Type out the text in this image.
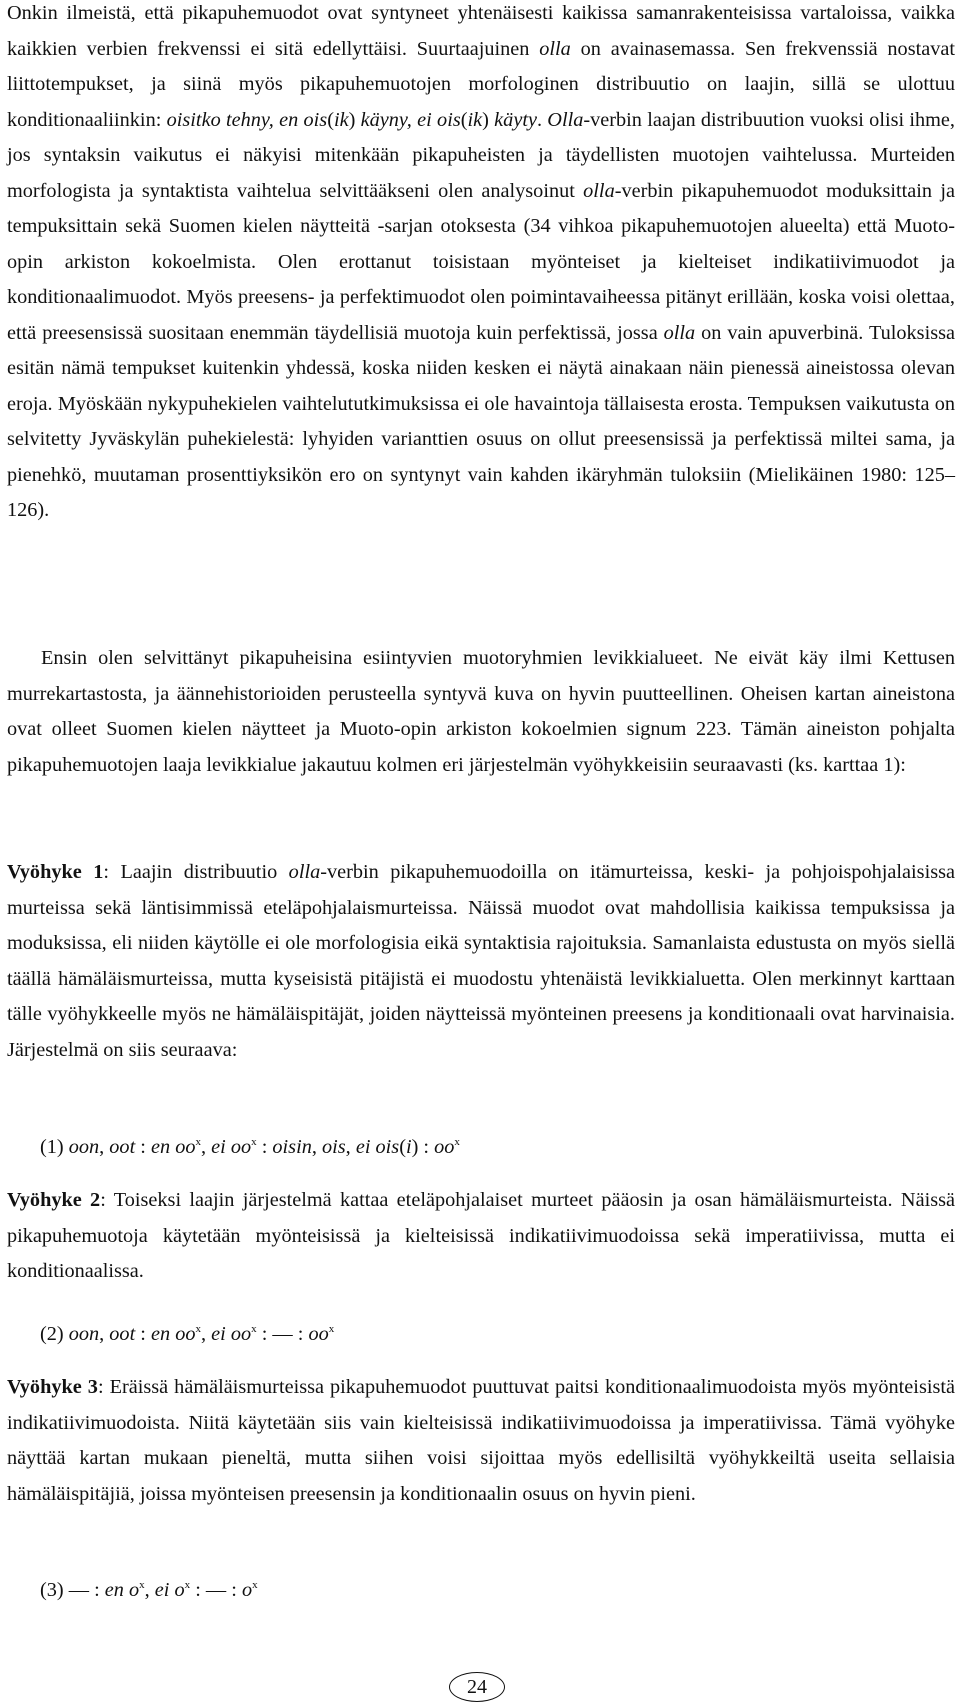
Onkin ilmeistä, että pikapuhemuodot ovat syntyneet yhtenäisesti kaikissa samanrakenteisissa vartaloissa, vaikka kaikkien verbien frekvenssi ei sitä edellyttäisi. Suurtaajuinen olla on avainasemassa. Sen frekvenssiä nostavat liittotempukset, ja siinä myös pikapuhemuotojen morfologinen distribuutio on laajin, sillä se ulottuu konditionaaliinkin: oisitko tehny, en ois(ik) käyny, ei ois(ik) käyty. Olla-verbin laajan distribuution vuoksi olisi ihme, jos syntaksin vaikutus ei näkyisi mitenkään pikapuheisten ja täydellisten muotojen vaihtelussa. Murteiden morfologista ja syntaktista vaihtelua selvittääkseni olen analysoinut olla-verbin pikapuhemuodot moduksittain ja tempuksittain sekä Suomen kielen näytteitä -sarjan otoksesta (34 vihkoa pikapuhemuotojen alueelta) että Muoto-opin arkiston kokoelmista. Olen erottanut toisistaan myönteiset ja kielteiset indikatiivimuodot ja konditionaalimuodot. Myös preesens- ja perfektimuodot olen poimintavaiheessa pitänyt erillään, koska voisi olettaa, että preesensissä suositaan enemmän täydellisiä muotoja kuin perfektissä, jossa olla on vain apuverbinä. Tuloksissa esitän nämä tempukset kuitenkin yhdessä, koska niiden kesken ei näytä ainakaan näin pienessä aineistossa olevan eroja. Myöskään nykypuhekielen vaihtelututkimuksissa ei ole havaintoja tällaisesta erosta. Tempuksen vaikutusta on selvitetty Jyväskylän puhekielestä: lyhyiden varianttien osuus on ollut preesensissä ja perfektissä miltei sama, ja pienehkö, muutaman prosenttiyksikön ero on syntynyt vain kahden ikäryhmän tuloksiin (Mielikäinen 1980: 125–126).

Ensin olen selvittänyt pikapuheisina esiintyvien muotoryhmien levikkialueet. Ne eivät käy ilmi Kettusen murrekartastosta, ja äännehistorioiden perusteella syntyvä kuva on hyvin puutteellinen. Oheisen kartan aineistona ovat olleet Suomen kielen näytteet ja Muoto-opin arkiston kokoelmien signum 223. Tämän aineiston pohjalta pikapuhemuotojen laaja levikkialue jakautuu kolmen eri järjestelmän vyöhykkeisiin seuraavasti (ks. karttaa 1):

Vyöhyke 1: Laajin distribuutio olla-verbin pikapuhemuodoilla on itämurteissa, keski- ja pohjoispohjalaisissa murteissa sekä läntisimmissä eteläpohjalaismurteissa. Näissä muodot ovat mahdollisia kaikissa tempuksissa ja moduksissa, eli niiden käytölle ei ole morfologisia eikä syntaktisia rajoituksia. Samanlaista edustusta on myös siellä täällä hämäläismurteissa, mutta kyseisistä pitäjistä ei muodostu yhtenäistä levikkialuetta. Olen merkinnyt karttaan tälle vyöhykkeelle myös ne hämäläispitäjät, joiden näytteissä myönteinen preesens ja konditionaali ovat harvinaisia. Järjestelmä on siis seuraava:

(1) oon, oot : en $oo^x$, ei $oo^x$ : oisin, ois, ei ois(i) : $oo^x$

Vyöhyke 2: Toiseksi laajin järjestelmä kattaa eteläpohjalaiset murteet pääosin ja osan hämäläismurteista. Näissä pikapuhemuotoja käytetään myönteisissä ja kielteisissä indikatiivimuodoissa sekä imperatiivissa, mutta ei konditionaalissa.

(2) oon, oot : en $oo^x$, ei $oo^x$ : — : $oo^x$

Vyöhyke 3: Eräissä hämäläismurteissa pikapuhemuodot puuttuvat paitsi konditionaalimuodoista myös myönteisistä indikatiivimuodoista. Niitä käytetään siis vain kielteisissä indikatiivimuodoissa ja imperatiivissa. Tämä vyöhyke näyttää kartan mukaan pieneltä, mutta siihen voisi sijoittaa myös edellisiltä vyöhykkeiltä useita sellaisia hämäläispitäjiä, joissa myönteisen preesensin ja konditionaalin osuus on hyvin pieni.

(3) — : en $o^x$, ei $o^x$ : — : $o^x$

24
